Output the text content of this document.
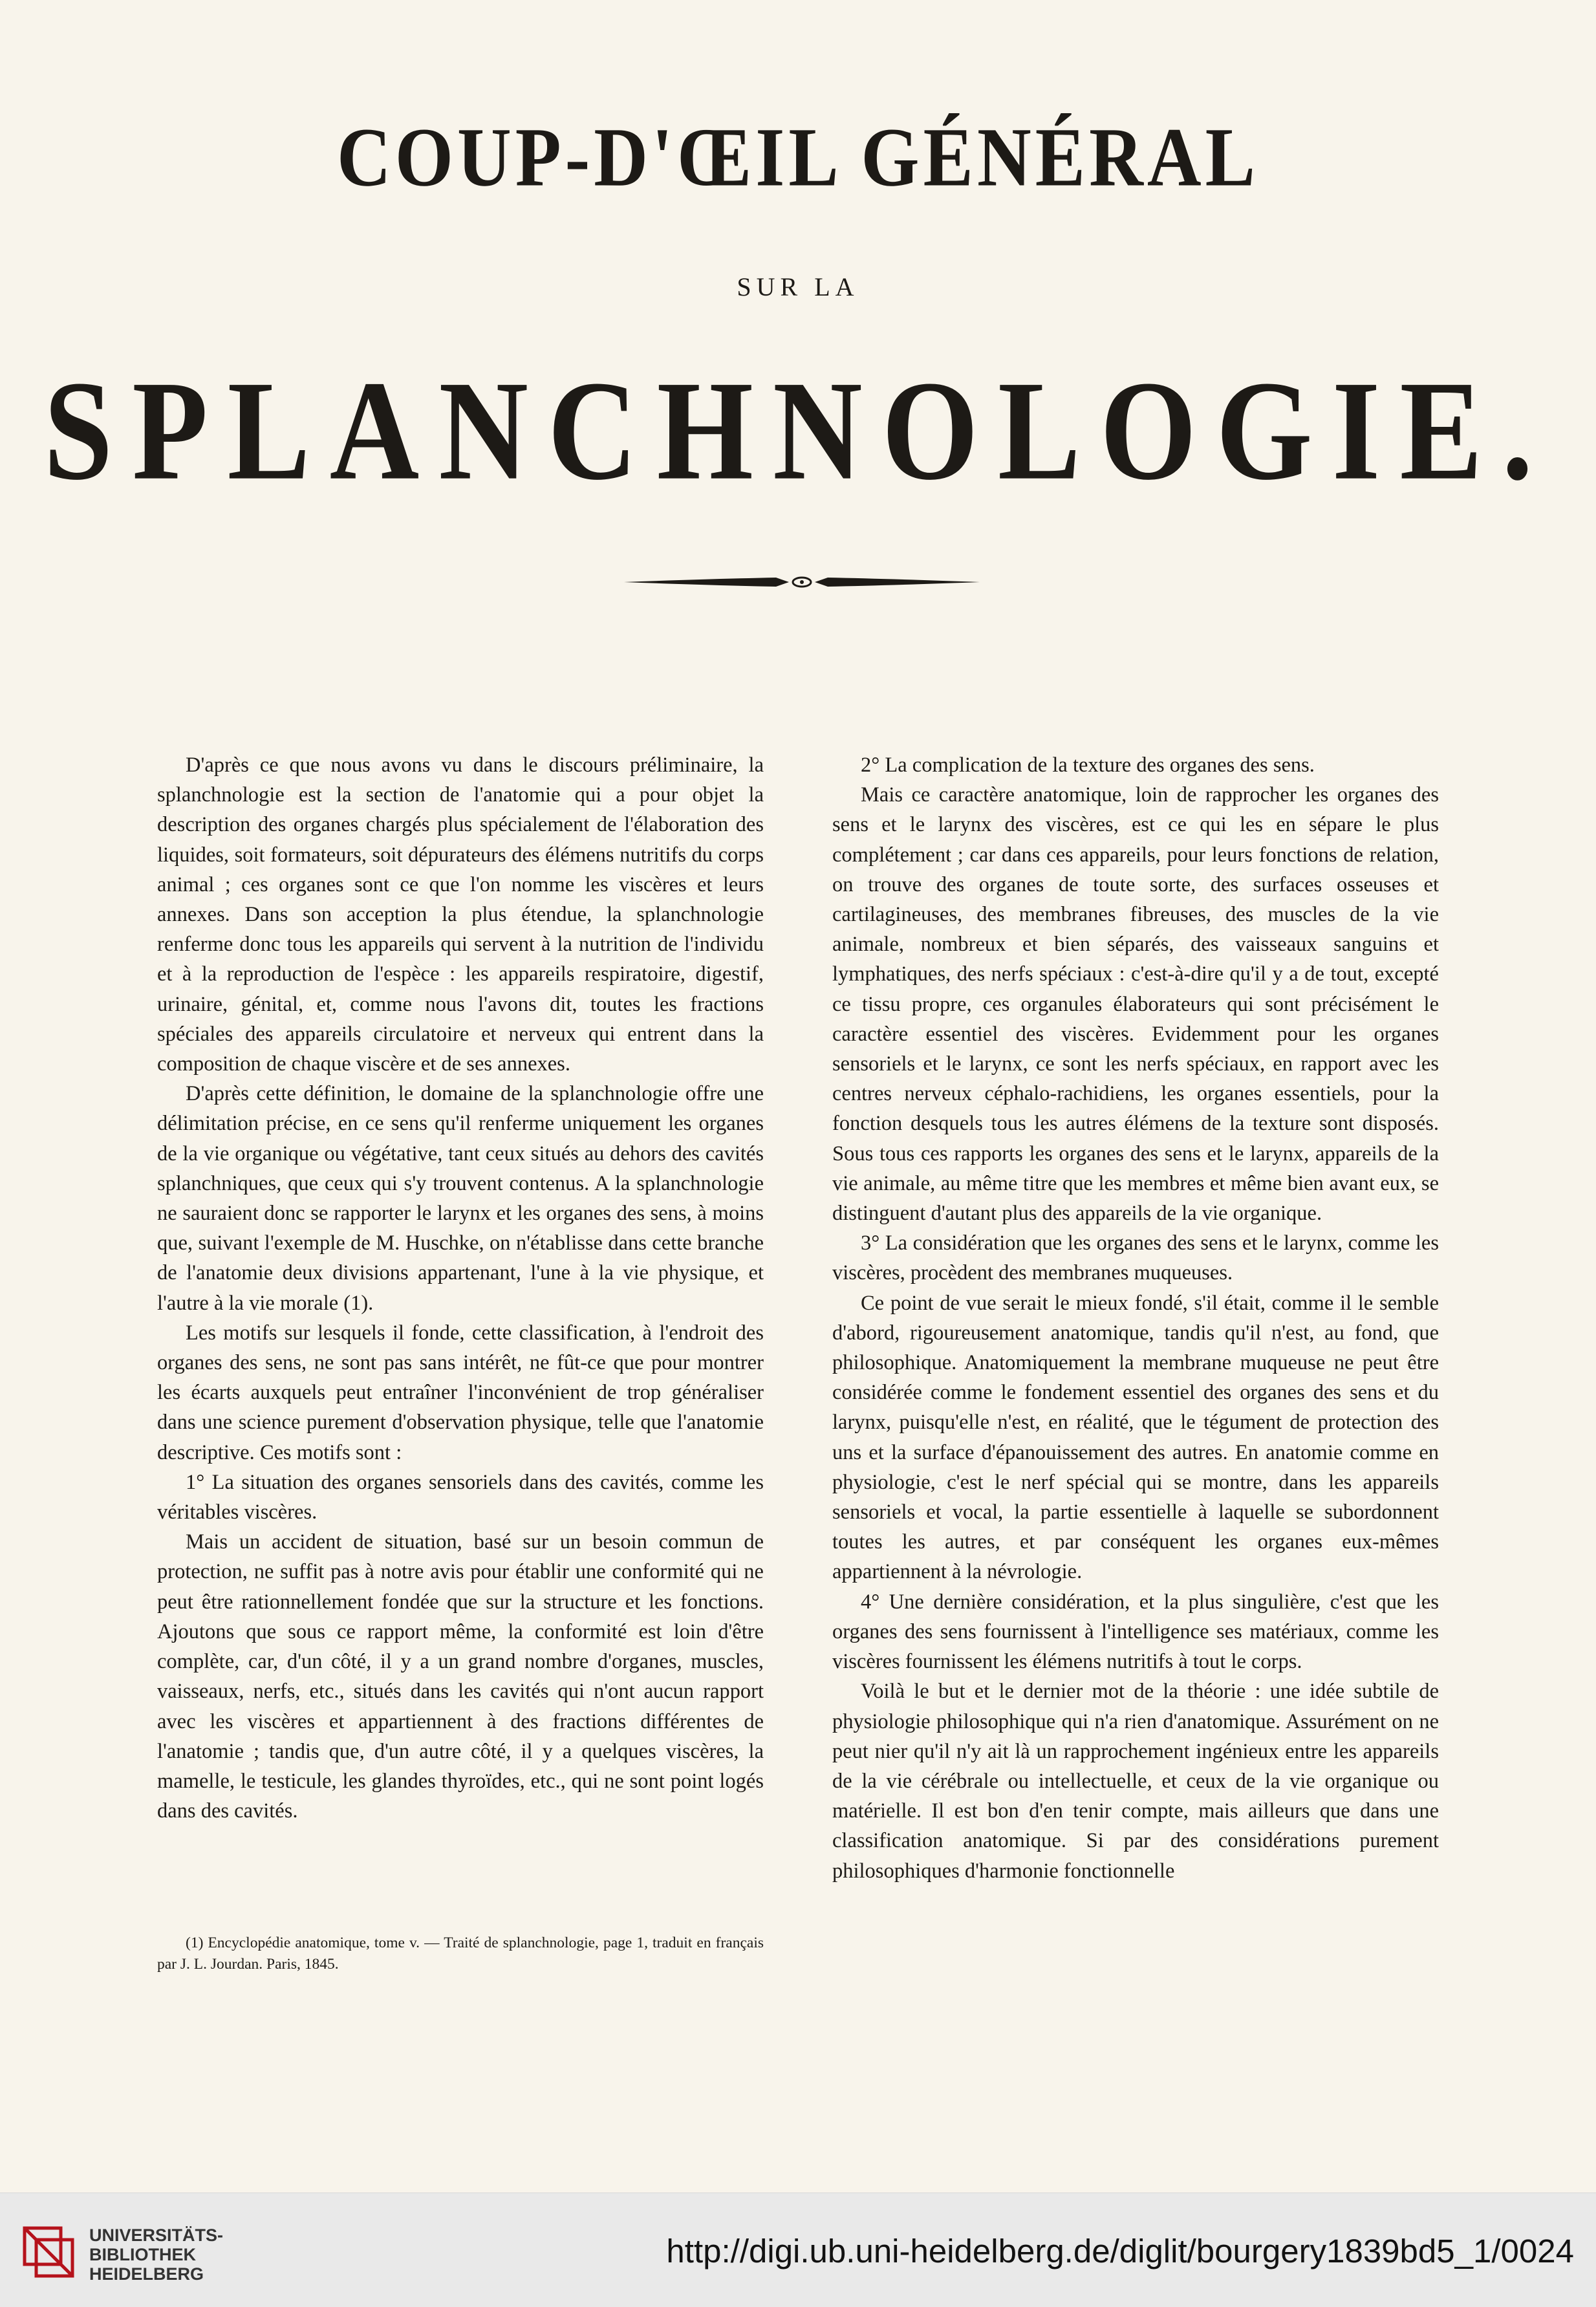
COUP-D'ŒIL GÉNÉRAL
SUR LA
SPLANCHNOLOGIE.

D'après ce que nous avons vu dans le discours préliminaire, la splanchnologie est la section de l'anatomie qui a pour objet la description des organes chargés plus spécialement de l'élaboration des liquides, soit formateurs, soit dépurateurs des élémens nutritifs du corps animal ; ces organes sont ce que l'on nomme les viscères et leurs annexes. Dans son acception la plus étendue, la splanchnologie renferme donc tous les appareils qui servent à la nutrition de l'individu et à la reproduction de l'espèce : les appareils respiratoire, digestif, urinaire, génital, et, comme nous l'avons dit, toutes les fractions spéciales des appareils circulatoire et nerveux qui entrent dans la composition de chaque viscère et de ses annexes.

D'après cette définition, le domaine de la splanchnologie offre une délimitation précise, en ce sens qu'il renferme uniquement les organes de la vie organique ou végétative, tant ceux situés au dehors des cavités splanchniques, que ceux qui s'y trouvent contenus. A la splanchnologie ne sauraient donc se rapporter le larynx et les organes des sens, à moins que, suivant l'exemple de M. Huschke, on n'établisse dans cette branche de l'anatomie deux divisions appartenant, l'une à la vie physique, et l'autre à la vie morale (1).

Les motifs sur lesquels il fonde, cette classification, à l'endroit des organes des sens, ne sont pas sans intérêt, ne fût-ce que pour montrer les écarts auxquels peut entraîner l'inconvénient de trop généraliser dans une science purement d'observation physique, telle que l'anatomie descriptive. Ces motifs sont :

1° La situation des organes sensoriels dans des cavités, comme les véritables viscères.

Mais un accident de situation, basé sur un besoin commun de protection, ne suffit pas à notre avis pour établir une conformité qui ne peut être rationnellement fondée que sur la structure et les fonctions. Ajoutons que sous ce rapport même, la conformité est loin d'être complète, car, d'un côté, il y a un grand nombre d'organes, muscles, vaisseaux, nerfs, etc., situés dans les cavités qui n'ont aucun rapport avec les viscères et appartiennent à des fractions différentes de l'anatomie ; tandis que, d'un autre côté, il y a quelques viscères, la mamelle, le testicule, les glandes thyroïdes, etc., qui ne sont point logés dans des cavités.

(1) Encyclopédie anatomique, tome v. — Traité de splanchnologie, page 1, traduit en français par J. L. Jourdan. Paris, 1845.

2° La complication de la texture des organes des sens.

Mais ce caractère anatomique, loin de rapprocher les organes des sens et le larynx des viscères, est ce qui les en sépare le plus complétement ; car dans ces appareils, pour leurs fonctions de relation, on trouve des organes de toute sorte, des surfaces osseuses et cartilagineuses, des membranes fibreuses, des muscles de la vie animale, nombreux et bien séparés, des vaisseaux sanguins et lymphatiques, des nerfs spéciaux : c'est-à-dire qu'il y a de tout, excepté ce tissu propre, ces organules élaborateurs qui sont précisément le caractère essentiel des viscères. Evidemment pour les organes sensoriels et le larynx, ce sont les nerfs spéciaux, en rapport avec les centres nerveux céphalo-rachidiens, les organes essentiels, pour la fonction desquels tous les autres élémens de la texture sont disposés. Sous tous ces rapports les organes des sens et le larynx, appareils de la vie animale, au même titre que les membres et même bien avant eux, se distinguent d'autant plus des appareils de la vie organique.

3° La considération que les organes des sens et le larynx, comme les viscères, procèdent des membranes muqueuses.

Ce point de vue serait le mieux fondé, s'il était, comme il le semble d'abord, rigoureusement anatomique, tandis qu'il n'est, au fond, que philosophique. Anatomiquement la membrane muqueuse ne peut être considérée comme le fondement essentiel des organes des sens et du larynx, puisqu'elle n'est, en réalité, que le tégument de protection des uns et la surface d'épanouissement des autres. En anatomie comme en physiologie, c'est le nerf spécial qui se montre, dans les appareils sensoriels et vocal, la partie essentielle à laquelle se subordonnent toutes les autres, et par conséquent les organes eux-mêmes appartiennent à la névrologie.

4° Une dernière considération, et la plus singulière, c'est que les organes des sens fournissent à l'intelligence ses matériaux, comme les viscères fournissent les élémens nutritifs à tout le corps.

Voilà le but et le dernier mot de la théorie : une idée subtile de physiologie philosophique qui n'a rien d'anatomique. Assurément on ne peut nier qu'il n'y ait là un rapprochement ingénieux entre les appareils de la vie cérébrale ou intellectuelle, et ceux de la vie organique ou matérielle. Il est bon d'en tenir compte, mais ailleurs que dans une classification anatomique. Si par des considérations purement philosophiques d'harmonie fonctionnelle

UNIVERSITÄTS-
BIBLIOTHEK
HEIDELBERG
http://digi.ub.uni-heidelberg.de/diglit/bourgery1839bd5_1/0024
